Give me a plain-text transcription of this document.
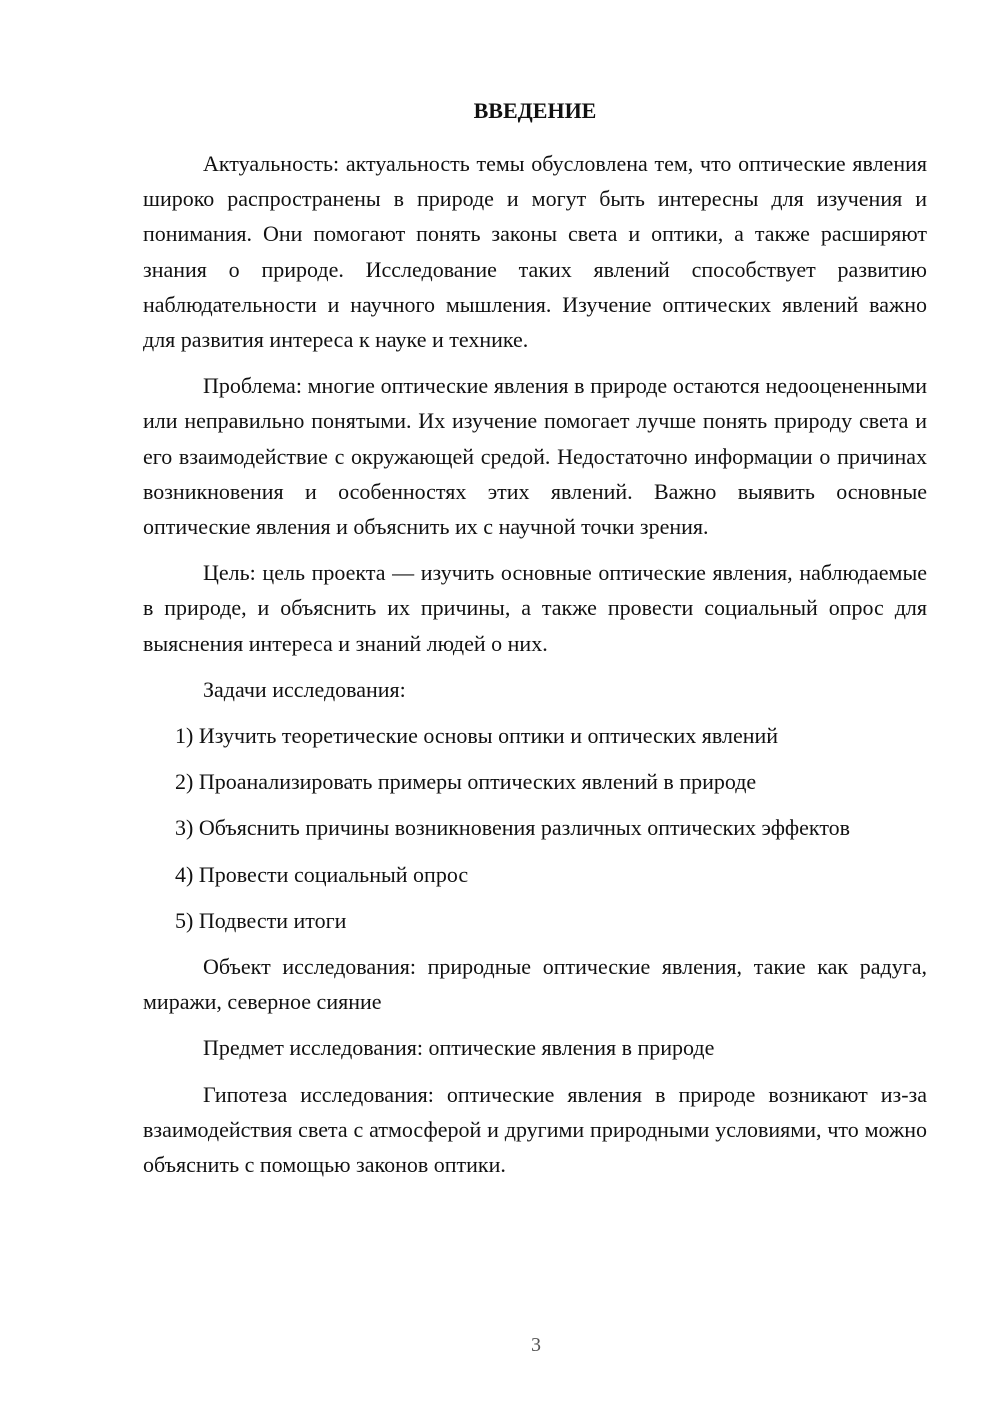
ВВЕДЕНИЕ

Актуальность: актуальность темы обусловлена тем, что оптические явления широко распространены в природе и могут быть интересны для изучения и понимания. Они помогают понять законы света и оптики, а также расширяют знания о природе. Исследование таких явлений способствует развитию наблюдательности и научного мышления. Изучение оптических явлений важно для развития интереса к науке и технике.

Проблема: многие оптические явления в природе остаются недооцененными или неправильно понятыми. Их изучение помогает лучше понять природу света и его взаимодействие с окружающей средой. Недостаточно информации о причинах возникновения и особенностях этих явлений. Важно выявить основные оптические явления и объяснить их с научной точки зрения.

Цель: цель проекта — изучить основные оптические явления, наблюдаемые в природе, и объяснить их причины, а также провести социальный опрос для выяснения интереса и знаний людей о них.

Задачи исследования:

1) Изучить теоретические основы оптики и оптических явлений

2) Проанализировать примеры оптических явлений в природе

3) Объяснить причины возникновения различных оптических эффектов

4) Провести социальный опрос

5) Подвести итоги

Объект исследования: природные оптические явления, такие как радуга, миражи, северное сияние

Предмет исследования: оптические явления в природе

Гипотеза исследования: оптические явления в природе возникают из-за взаимодействия света с атмосферой и другими природными условиями, что можно объяснить с помощью законов оптики.

3
